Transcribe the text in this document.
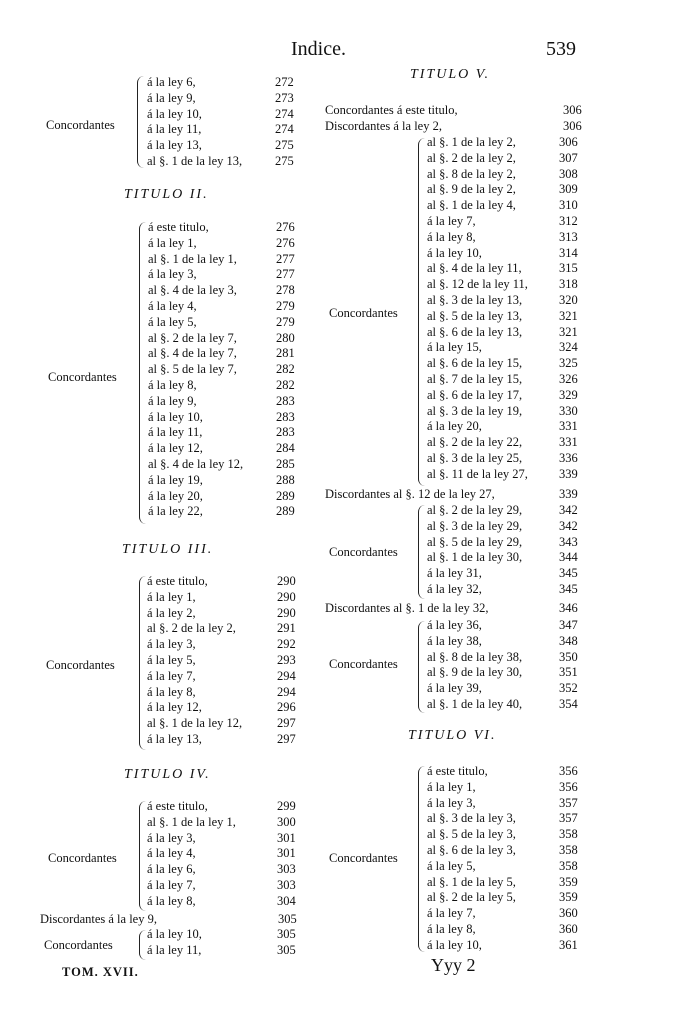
Indice.	539
Concordantes
á la ley 6,	272
á la ley 9,	273
á la ley 10,	274
á la ley 11,	274
á la ley 13,	275
al §. 1 de la ley 13,	275
TITULO II.
Concordantes
á este titulo,	276
á la ley 1,	276
al §. 1 de la ley 1,	277
á la ley 3,	277
al §. 4 de la ley 3,	278
á la ley 4,	279
á la ley 5,	279
al §. 2 de la ley 7,	280
al §. 4 de la ley 7,	281
al §. 5 de la ley 7,	282
á la ley 8,	282
á la ley 9,	283
á la ley 10,	283
á la ley 11,	283
á la ley 12,	284
al §. 4 de la ley 12,	285
á la ley 19,	288
á la ley 20,	289
á la ley 22,	289
TITULO III.
Concordantes
á este titulo,	290
á la ley 1,	290
á la ley 2,	290
al §. 2 de la ley 2,	291
á la ley 3,	292
á la ley 5,	293
á la ley 7,	294
á la ley 8,	294
á la ley 12,	296
al §. 1 de la ley 12,	297
á la ley 13,	297
TITULO IV.
Concordantes
á este titulo,	299
al §. 1 de la ley 1,	300
á la ley 3,	301
á la ley 4,	301
á la ley 6,	303
á la ley 7,	303
á la ley 8,	304
Discordantes á la ley 9,	305
Concordantes
á la ley 10,	305
á la ley 11,	305
TITULO V.
Concordantes á este titulo,	306
Discordantes á la ley 2,	306
Concordantes
al §. 1 de la ley 2,	306
al §. 2 de la ley 2,	307
al §. 8 de la ley 2,	308
al §. 9 de la ley 2,	309
al §. 1 de la ley 4,	310
á la ley 7,	312
á la ley 8,	313
á la ley 10,	314
al §. 4 de la ley 11,	315
al §. 12 de la ley 11, 318
al §. 3 de la ley 13,	320
al §. 5 de la ley 13,	321
al §. 6 de la ley 13,	321
á la ley 15,	324
al §. 6 de la ley 15,	325
al §. 7 de la ley 15,	326
al §. 6 de la ley 17,	329
al §. 3 de la ley 19,	330
á la ley 20,	331
al §. 2 de la ley 22,	331
al §. 3 de la ley 25,	336
al §. 11 de la ley 27, 339
Discordantes al §. 12 de la ley 27,	339
Concordantes
al §. 2 de la ley 29,	342
al §. 3 de la ley 29,	342
al §. 5 de la ley 29,	343
al §. 1 de la ley 30,	344
á la ley 31,	345
á la ley 32,	345
Discordantes al §. 1 de la ley 32,	346
Concordantes
á la ley 36,	347
á la ley 38,	348
al §. 8 de la ley 38,	350
al §. 9 de la ley 30,	351
á la ley 39,	352
al §. 1 de la ley 40,	354
TITULO VI.
Concordantes
á este titulo,	356
á la ley 1,	356
á la ley 3,	357
al §. 3 de la ley 3,	357
al §. 5 de la ley 3,	358
al §. 6 de la ley 3,	358
á la ley 5,	358
al §. 1 de la ley 5,	359
al §. 2 de la ley 5,	359
á la ley 7,	360
á la ley 8,	360
á la ley 10,	361
TOM. XVII.	Yyy 2
